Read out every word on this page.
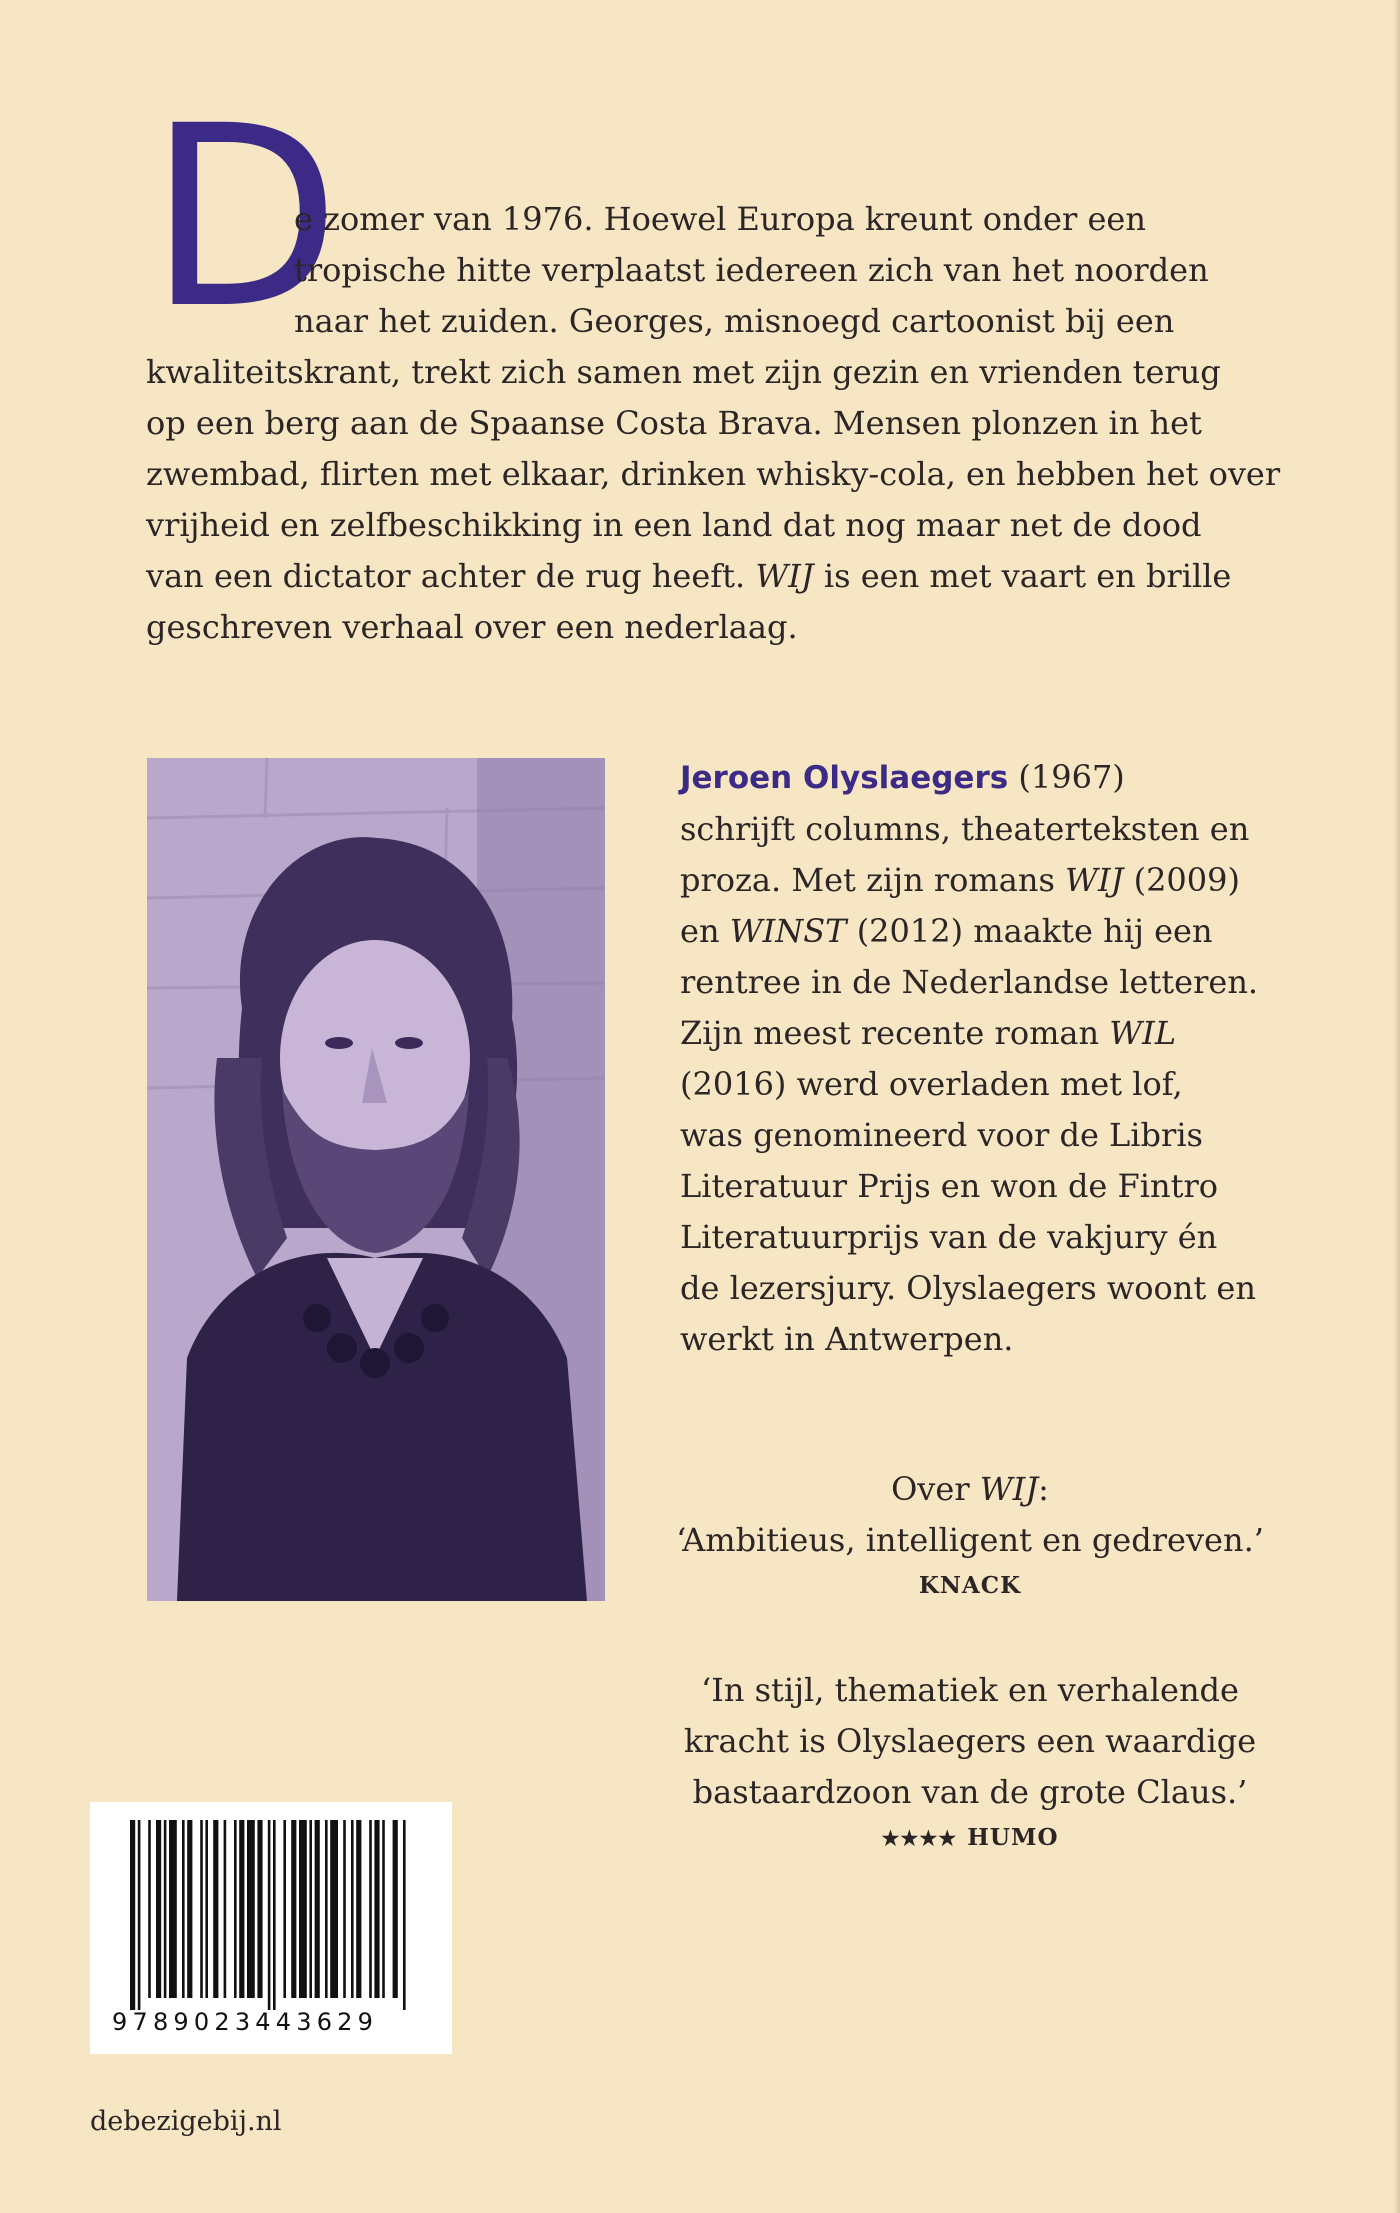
D
e zomer van 1976. Hoewel Europa kreunt onder een
tropische hitte verplaatst iedereen zich van het noorden
naar het zuiden. Georges, misnoegd cartoonist bij een
kwaliteitskrant, trekt zich samen met zijn gezin en vrienden terug
op een berg aan de Spaanse Costa Brava. Mensen plonzen in het
zwembad, flirten met elkaar, drinken whisky-cola, en hebben het over
vrijheid en zelfbeschikking in een land dat nog maar net de dood
van een dictator achter de rug heeft. WIJ is een met vaart en brille
geschreven verhaal over een nederlaag.
Jeroen Olyslaegers (1967)
schrijft columns, theaterteksten en
proza. Met zijn romans WIJ (2009)
en WINST (2012) maakte hij een
rentree in de Nederlandse letteren.
Zijn meest recente roman WIL
(2016) werd overladen met lof,
was genomineerd voor de Libris
Literatuur Prijs en won de Fintro
Literatuurprijs van de vakjury én
de lezersjury. Olyslaegers woont en
werkt in Antwerpen.
Over WIJ:
‘Ambitieus, intelligent en gedreven.’
KNACK
‘In stijl, thematiek en verhalende
kracht is Olyslaegers een waardige
bastaardzoon van de grote Claus.’
★★★★ HUMO
9789023443629
debezigebij.nl
